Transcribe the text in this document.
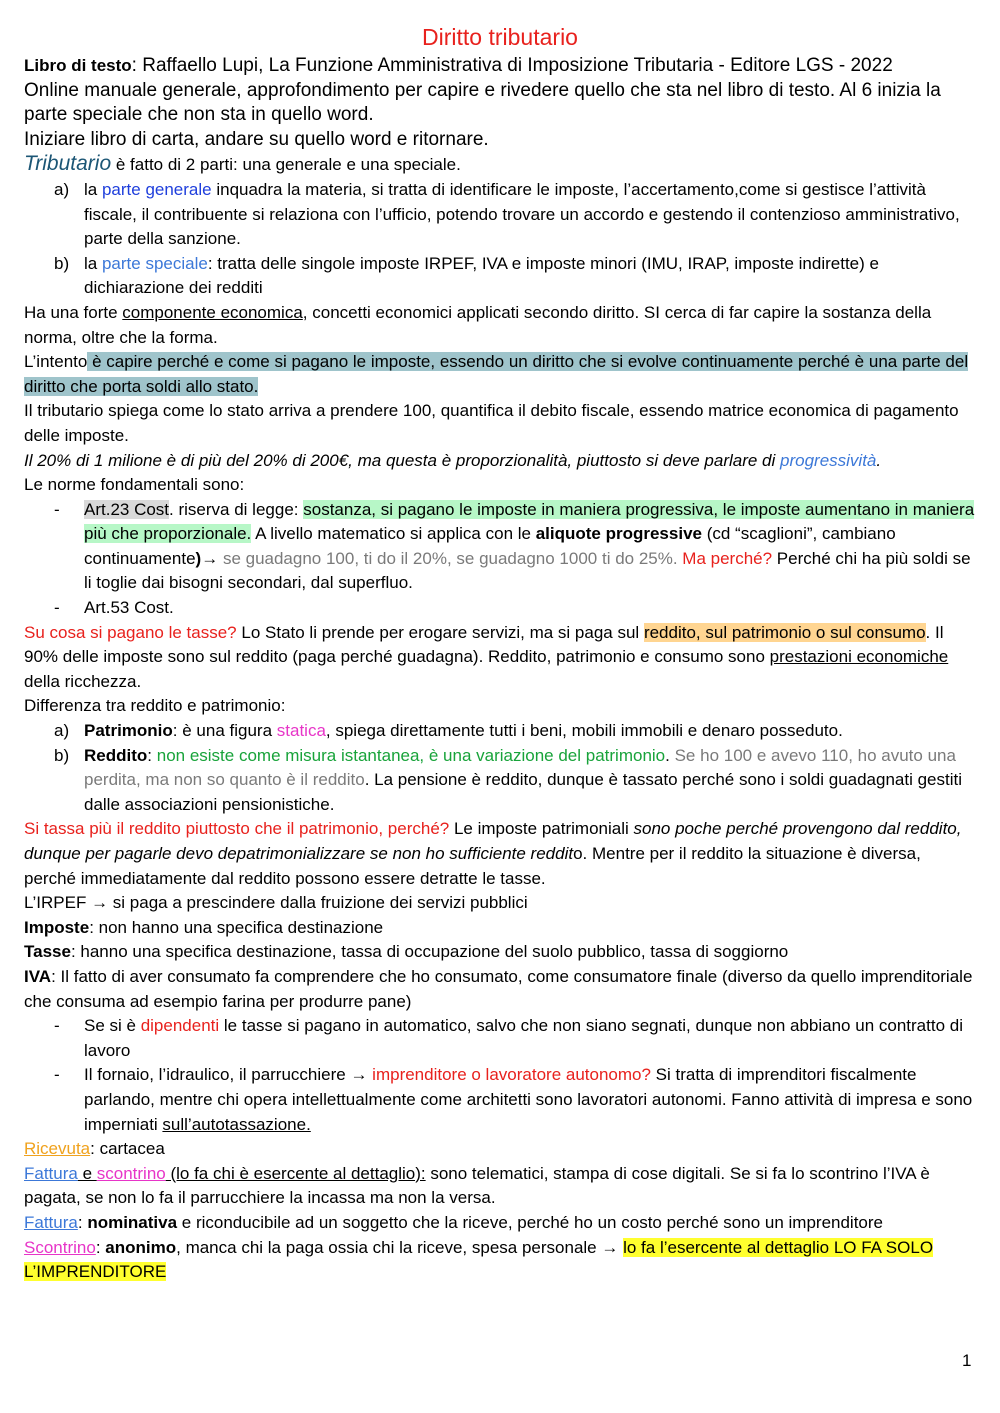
Diritto tributario

Libro di testo: Raffaello Lupi, La Funzione Amministrativa di Imposizione Tributaria - Editore LGS - 2022

Online manuale generale, approfondimento per capire e rivedere quello che sta nel libro di testo. Al 6 inizia la parte speciale che non sta in quello word.

Iniziare libro di carta, andare su quello word e ritornare.

Tributario è fatto di 2 parti: una generale e una speciale.

a) la parte generale inquadra la materia, si tratta di identificare le imposte, l’accertamento,come si gestisce l’attività fiscale, il contribuente si relaziona con l’ufficio, potendo trovare un accordo e gestendo il contenzioso amministrativo, parte della sanzione.
b) la parte speciale: tratta delle singole imposte IRPEF, IVA e imposte minori (IMU, IRAP, imposte indirette) e dichiarazione dei redditi

Ha una forte componente economica, concetti economici applicati secondo diritto. SI cerca di far capire la sostanza della norma, oltre che la forma.

L’intento è capire perché e come si pagano le imposte, essendo un diritto che si evolve continuamente perché è una parte del diritto che porta soldi allo stato.

Il tributario spiega come lo stato arriva a prendere 100, quantifica il debito fiscale, essendo matrice economica di pagamento delle imposte.

Il 20% di 1 milione è di più del 20% di 200€, ma questa è proporzionalità, piuttosto si deve parlare di progressività.

Le norme fondamentali sono:

- Art.23 Cost. riserva di legge: sostanza, si pagano le imposte in maniera progressiva, le imposte aumentano in maniera più che proporzionale. A livello matematico si applica con le aliquote progressive (cd “scaglioni”, cambiano continuamente)→ se guadagno 100, ti do il 20%, se guadagno 1000 ti do 25%. Ma perché? Perché chi ha più soldi se li toglie dai bisogni secondari, dal superfluo.
- Art.53 Cost.

Su cosa si pagano le tasse? Lo Stato li prende per erogare servizi, ma si paga sul reddito, sul patrimonio o sul consumo. Il 90% delle imposte sono sul reddito (paga perché guadagna). Reddito, patrimonio e consumo sono prestazioni economiche della ricchezza.

Differenza tra reddito e patrimonio:

a) Patrimonio: è una figura statica, spiega direttamente tutti i beni, mobili immobili e denaro posseduto.
b) Reddito: non esiste come misura istantanea, è una variazione del patrimonio. Se ho 100 e avevo 110, ho avuto una perdita, ma non so quanto è il reddito. La pensione è reddito, dunque è tassato perché sono i soldi guadagnati gestiti dalle associazioni pensionistiche.

Si tassa più il reddito piuttosto che il patrimonio, perché? Le imposte patrimoniali sono poche perché provengono dal reddito, dunque per pagarle devo depatrimonializzare se non ho sufficiente reddito. Mentre per il reddito la situazione è diversa, perché immediatamente dal reddito possono essere detratte le tasse.

L’IRPEF → si paga a prescindere dalla fruizione dei servizi pubblici

Imposte: non hanno una specifica destinazione

Tasse: hanno una specifica destinazione, tassa di occupazione del suolo pubblico, tassa di soggiorno

IVA: Il fatto di aver consumato fa comprendere che ho consumato, come consumatore finale (diverso da quello imprenditoriale che consuma ad esempio farina per produrre pane)

- Se si è dipendenti le tasse si pagano in automatico, salvo che non siano segnati, dunque non abbiano un contratto di lavoro
- Il fornaio, l’idraulico, il parrucchiere → imprenditore o lavoratore autonomo? Si tratta di imprenditori fiscalmente parlando, mentre chi opera intellettualmente come architetti sono lavoratori autonomi. Fanno attività di impresa e sono imperniati sull’autotassazione.

Ricevuta: cartacea

Fattura e scontrino (lo fa chi è esercente al dettaglio): sono telematici, stampa di cose digitali. Se si fa lo scontrino l’IVA è pagata, se non lo fa il parrucchiere la incassa ma non la versa.

Fattura: nominativa e riconducibile ad un soggetto che la riceve, perché ho un costo perché sono un imprenditore

Scontrino: anonimo, manca chi la paga ossia chi la riceve, spesa personale → lo fa l’esercente al dettaglio LO FA SOLO L’IMPRENDITORE

1
